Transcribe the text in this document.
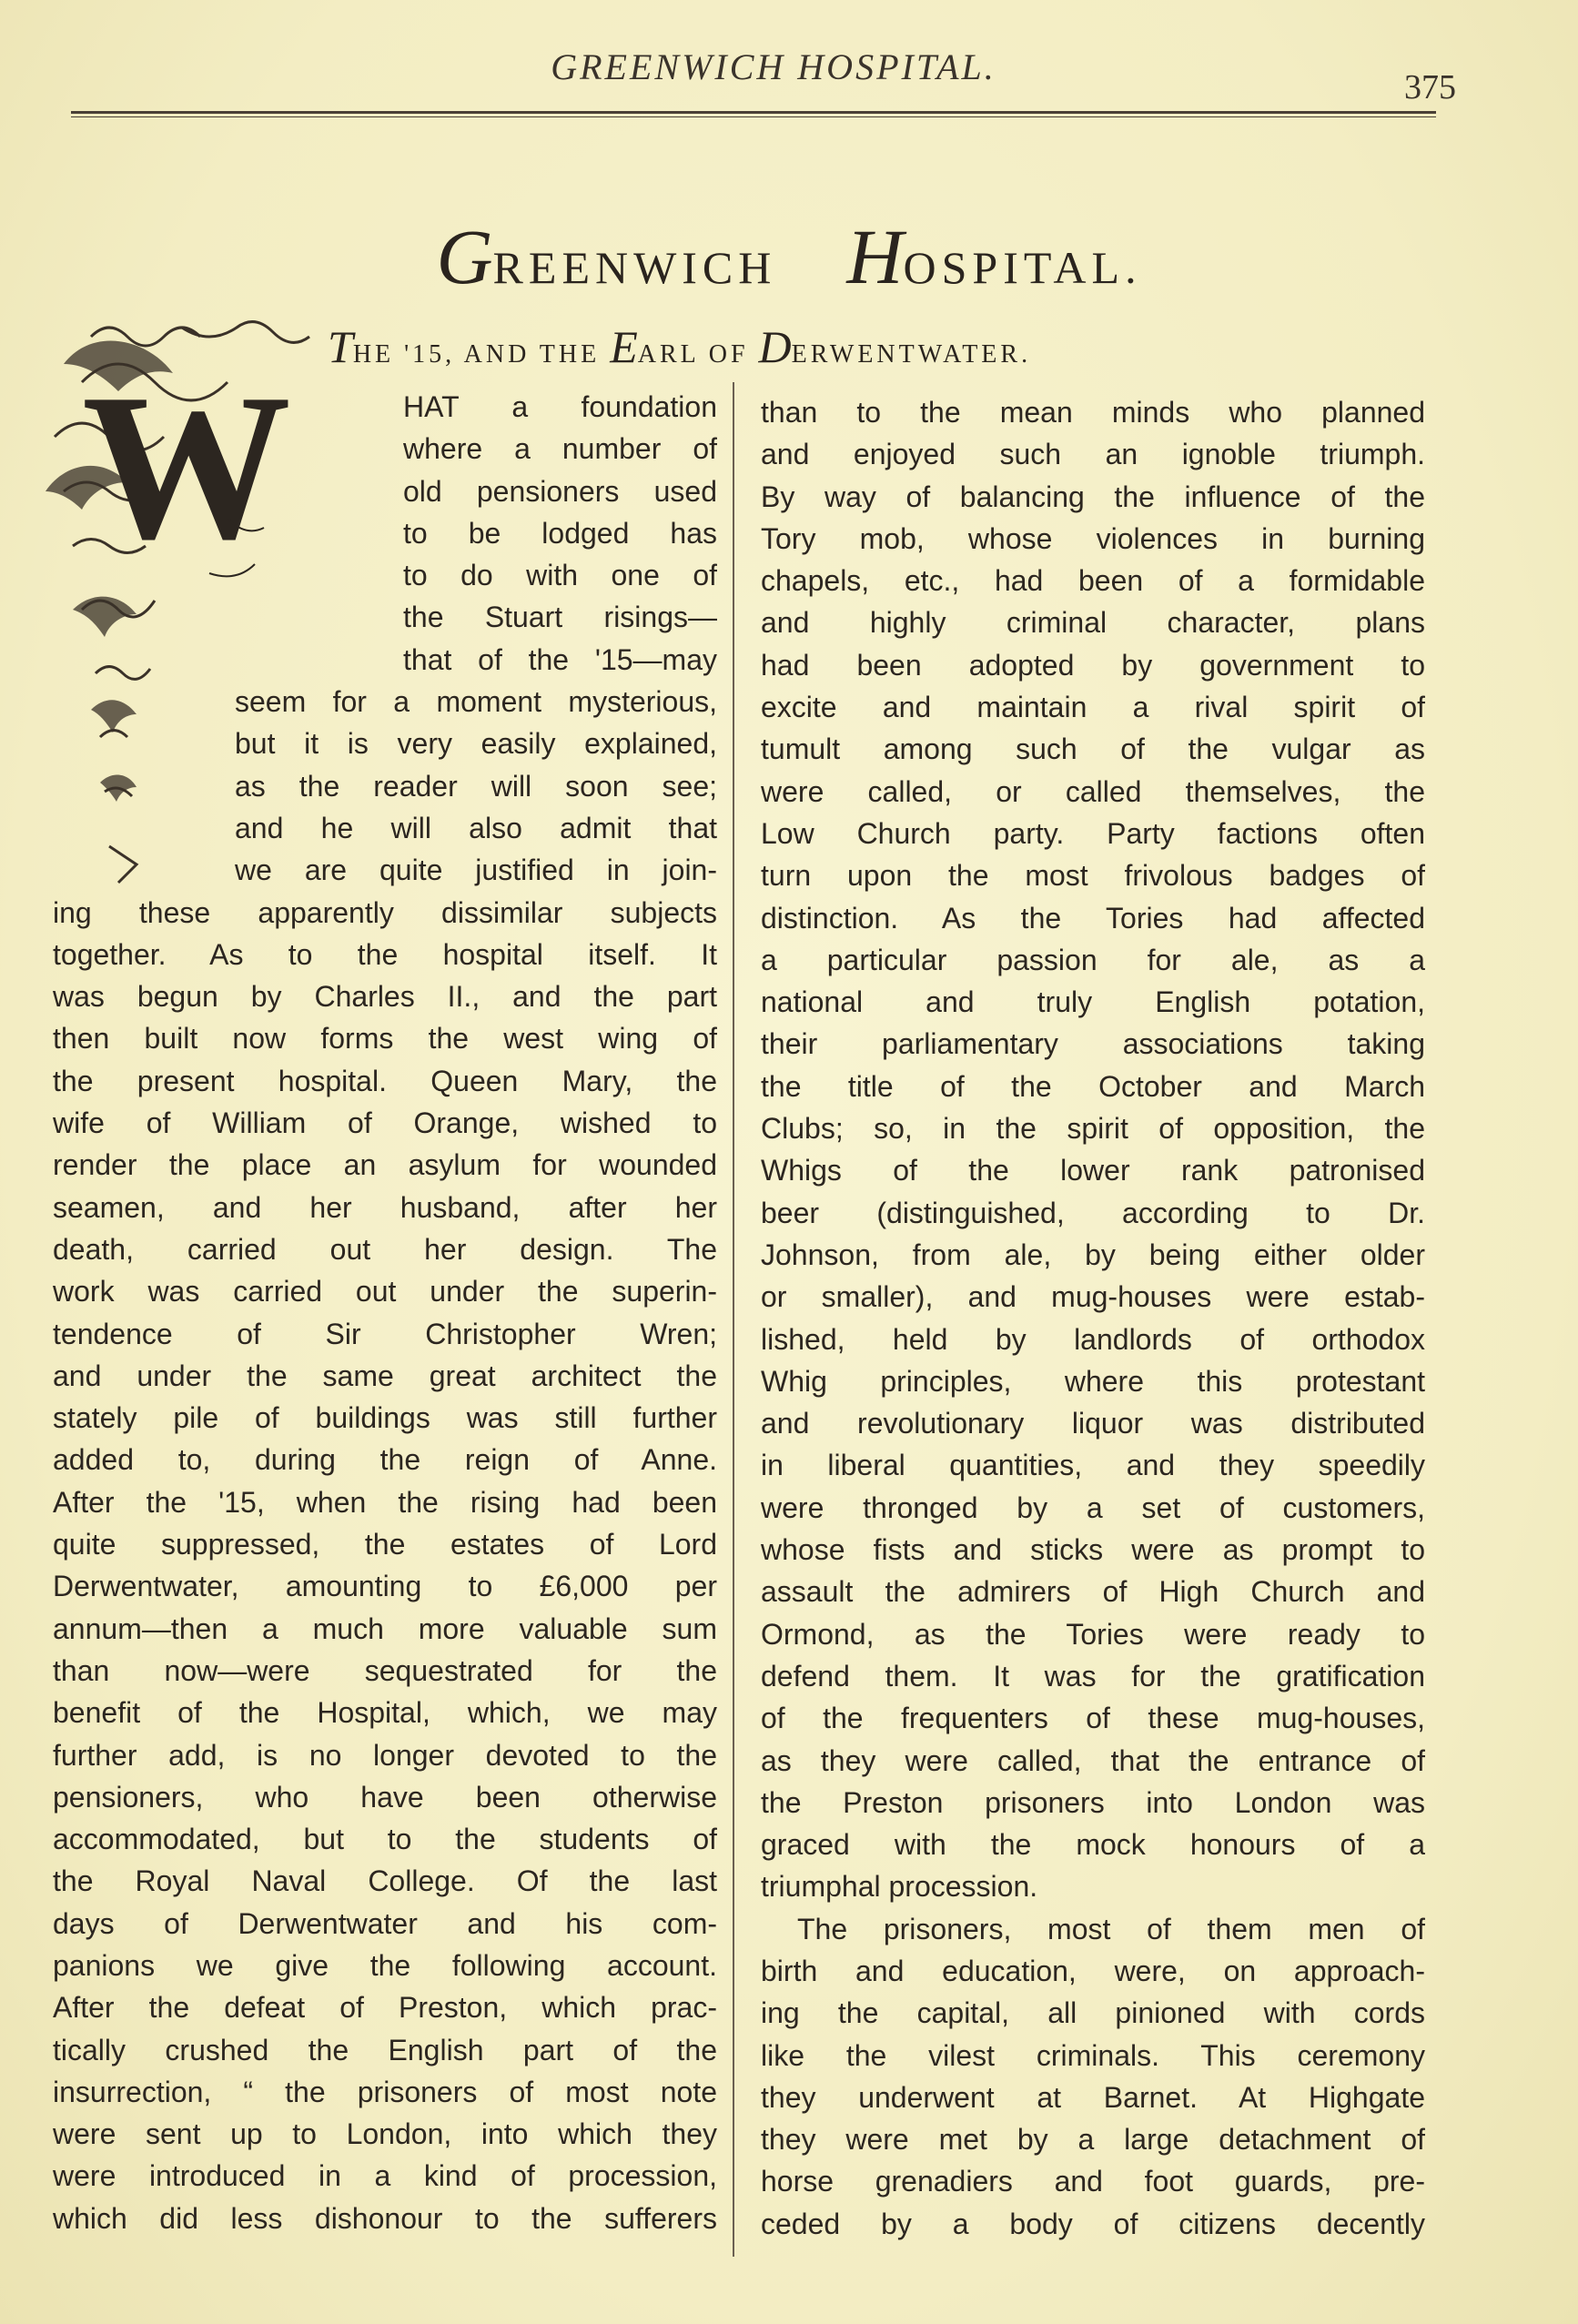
GREENWICH HOSPITAL.	375
GREENWICH HOSPITAL.
THE '15, AND THE EARL OF DERWENTWATER.
W	HAT a foundation
where a number of
old pensioners used
to be lodged has
to do with one of
the Stuart risings—
that of the '15—may
seem for a moment mysterious,
but it is very easily explained,
as the reader will soon see;
and he will also admit that
we are quite justified in join-
ing these apparently dissimilar subjects
together. As to the hospital itself. It
was begun by Charles II., and the part
then built now forms the west wing of
the present hospital. Queen Mary, the
wife of William of Orange, wished to
render the place an asylum for wounded
seamen, and her husband, after her
death, carried out her design. The
work was carried out under the superin-
tendence of Sir Christopher Wren;
and under the same great architect the
stately pile of buildings was still further
added to, during the reign of Anne.
After the '15, when the rising had been
quite suppressed, the estates of Lord
Derwentwater, amounting to £6,000 per
annum—then a much more valuable sum
than now—were sequestrated for the
benefit of the Hospital, which, we may
further add, is no longer devoted to the
pensioners, who have been otherwise
accommodated, but to the students of
the Royal Naval College. Of the last
days of Derwentwater and his com-
panions we give the following account.
After the defeat of Preston, which prac-
tically crushed the English part of the
insurrection, “ the prisoners of most note
were sent up to London, into which they
were introduced in a kind of procession,
which did less dishonour to the sufferers
than to the mean minds who planned
and enjoyed such an ignoble triumph.
By way of balancing the influence of the
Tory mob, whose violences in burning
chapels, etc., had been of a formidable
and highly criminal character, plans
had been adopted by government to
excite and maintain a rival spirit of
tumult among such of the vulgar as
were called, or called themselves, the
Low Church party. Party factions often
turn upon the most frivolous badges of
distinction. As the Tories had affected
a particular passion for ale, as a
national and truly English potation,
their parliamentary associations taking
the title of the October and March
Clubs; so, in the spirit of opposition, the
Whigs of the lower rank patronised
beer (distinguished, according to Dr.
Johnson, from ale, by being either older
or smaller), and mug-houses were estab-
lished, held by landlords of orthodox
Whig principles, where this protestant
and revolutionary liquor was distributed
in liberal quantities, and they speedily
were thronged by a set of customers,
whose fists and sticks were as prompt to
assault the admirers of High Church and
Ormond, as the Tories were ready to
defend them. It was for the gratification
of the frequenters of these mug-houses,
as they were called, that the entrance of
the Preston prisoners into London was
graced with the mock honours of a
triumphal procession.
The prisoners, most of them men of
birth and education, were, on approach-
ing the capital, all pinioned with cords
like the vilest criminals. This ceremony
they underwent at Barnet. At Highgate
they were met by a large detachment of
horse grenadiers and foot guards, pre-
ceded by a body of citizens decently
